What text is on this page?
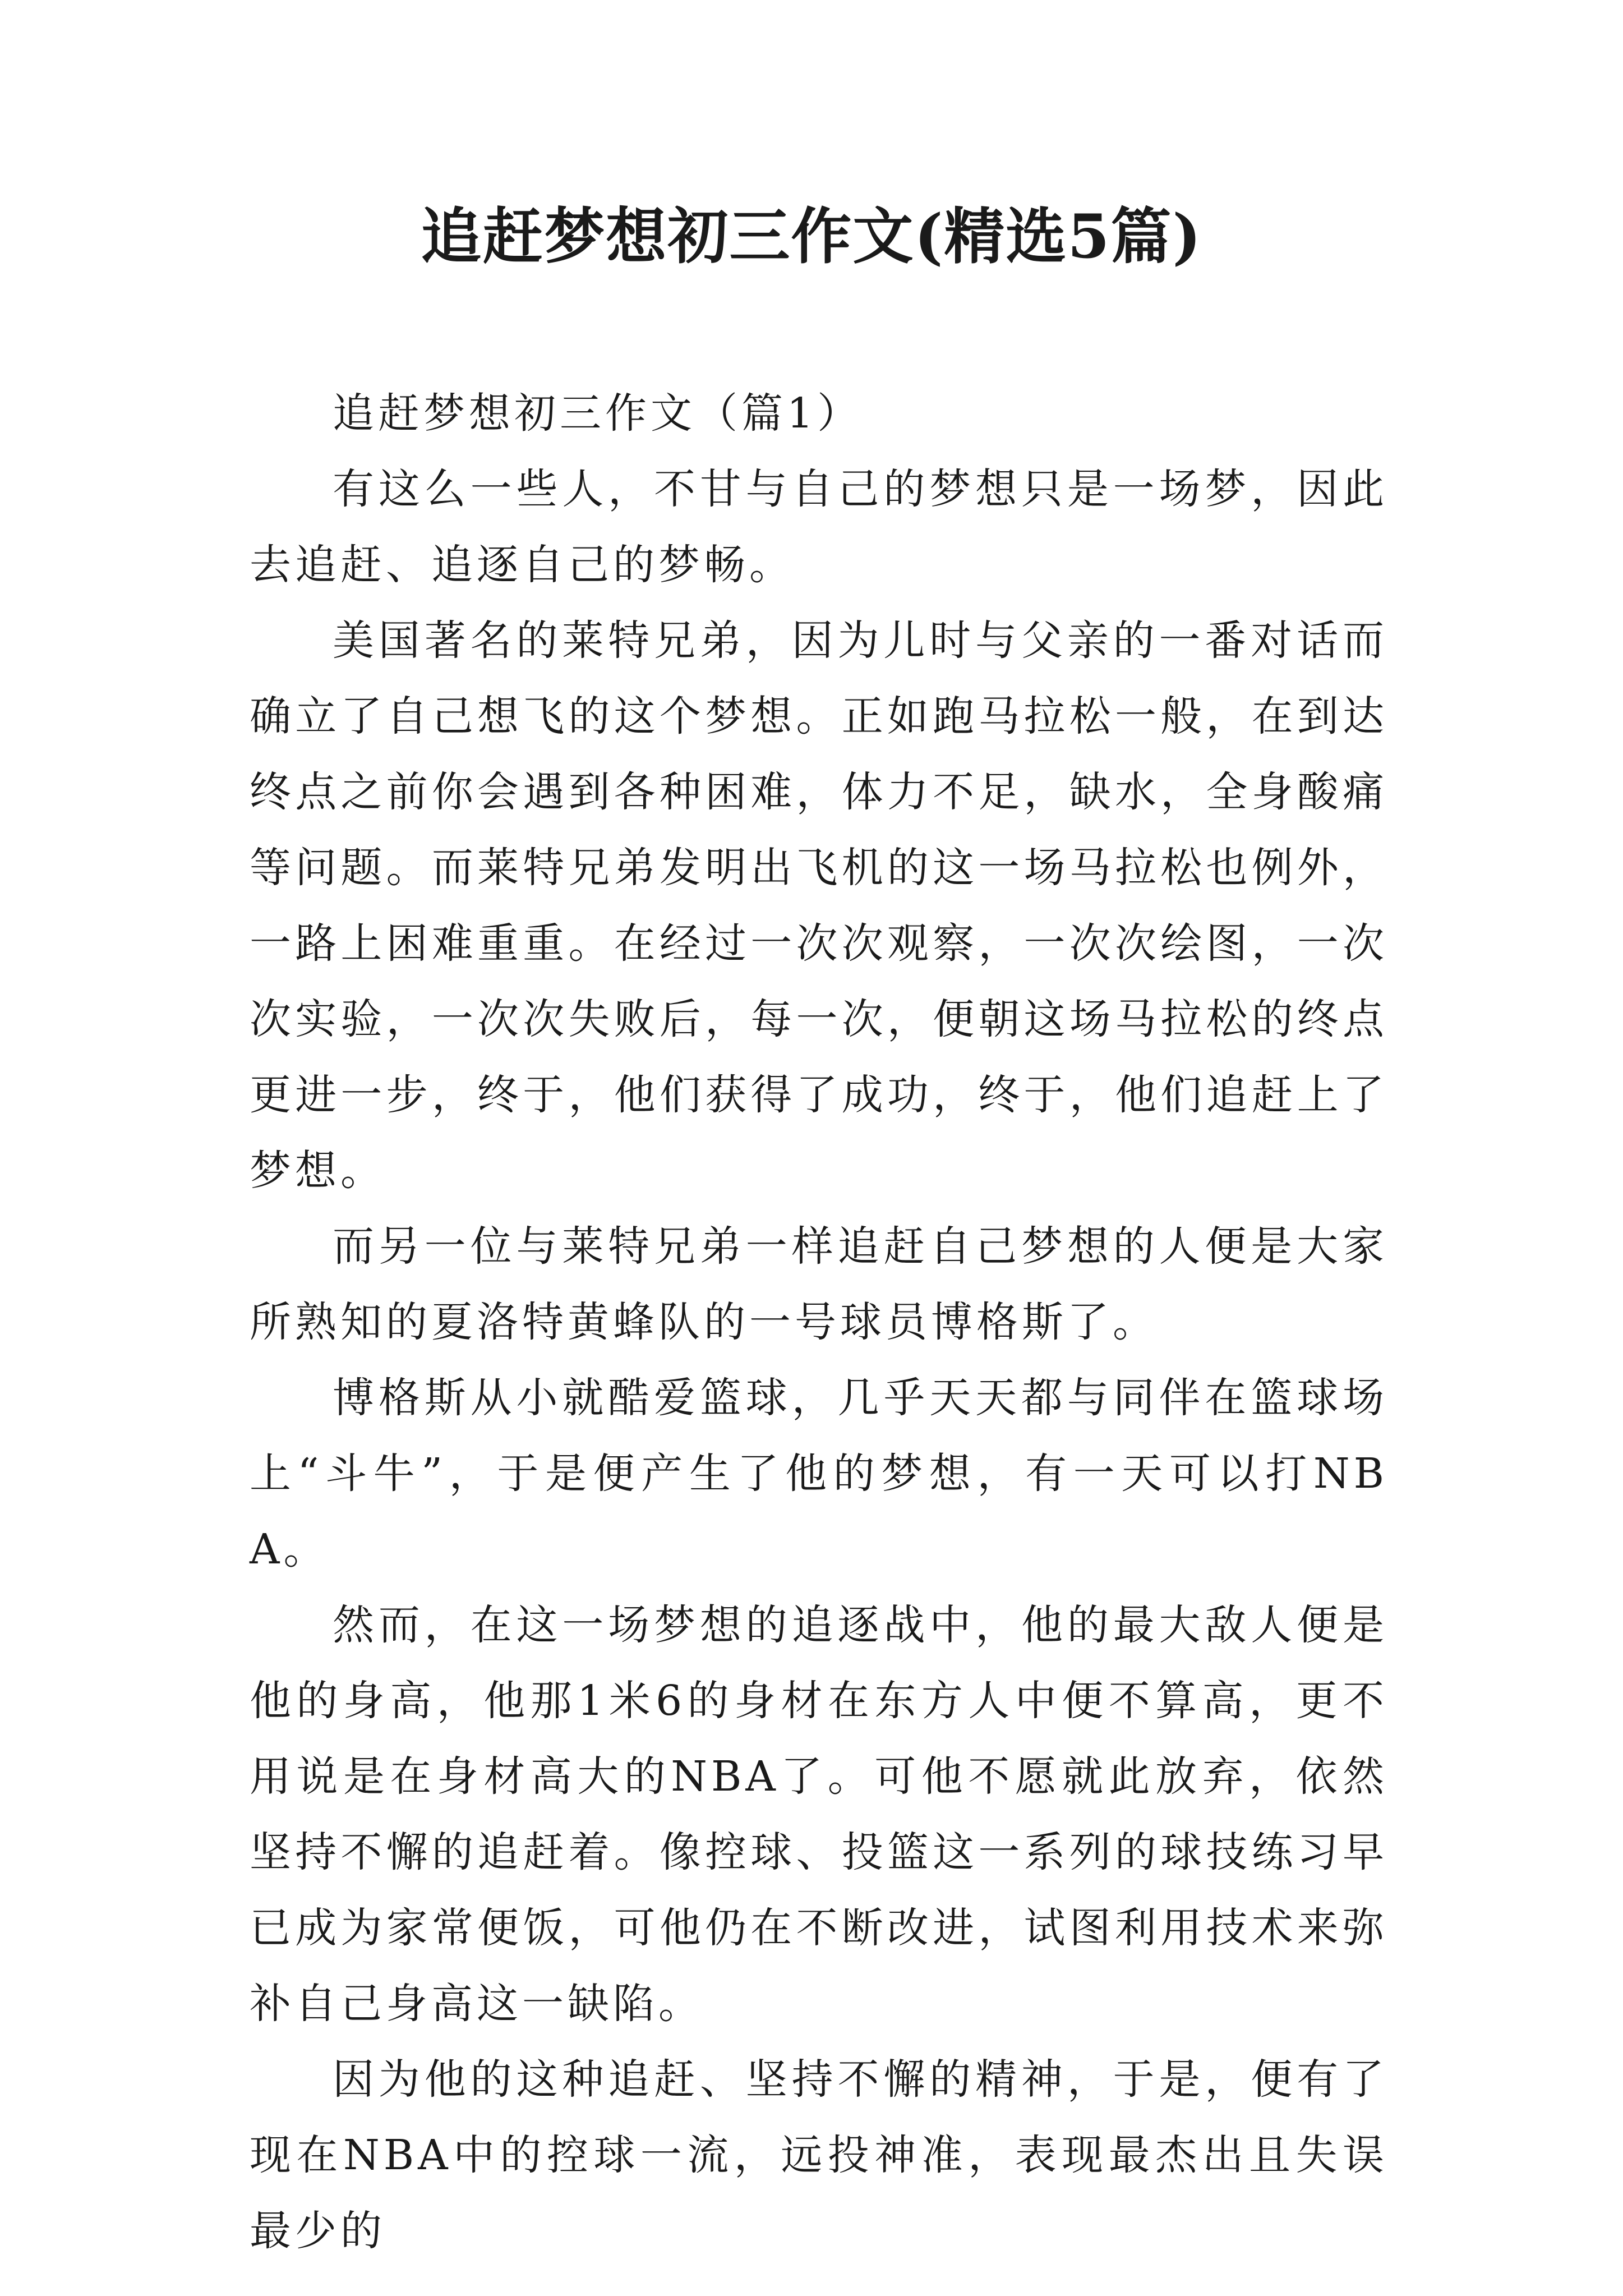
追赶梦想初三作文(精选5篇)

追赶梦想初三作文（篇1）

有这么一些人，不甘与自己的梦想只是一场梦，因此去追赶、追逐自己的梦畅。

美国著名的莱特兄弟，因为儿时与父亲的一番对话而确立了自己想飞的这个梦想。正如跑马拉松一般，在到达终点之前你会遇到各种困难，体力不足，缺水，全身酸痛等问题。而莱特兄弟发明出飞机的这一场马拉松也例外，一路上困难重重。在经过一次次观察，一次次绘图，一次次实验，一次次失败后，每一次，便朝这场马拉松的终点更进一步，终于，他们获得了成功，终于，他们追赶上了梦想。

而另一位与莱特兄弟一样追赶自己梦想的人便是大家所熟知的夏洛特黄蜂队的一号球员博格斯了。

博格斯从小就酷爱篮球，几乎天天都与同伴在篮球场上“斗牛”，于是便产生了他的梦想，有一天可以打NBA。

然而，在这一场梦想的追逐战中，他的最大敌人便是他的身高，他那1米6的身材在东方人中便不算高，更不用说是在身材高大的NBA了。可他不愿就此放弃，依然坚持不懈的追赶着。像控球、投篮这一系列的球技练习早已成为家常便饭，可他仍在不断改进，试图利用技术来弥补自己身高这一缺陷。

因为他的这种追赶、坚持不懈的精神，于是，便有了现在NBA中的控球一流，远投神准，表现最杰出且失误最少的
